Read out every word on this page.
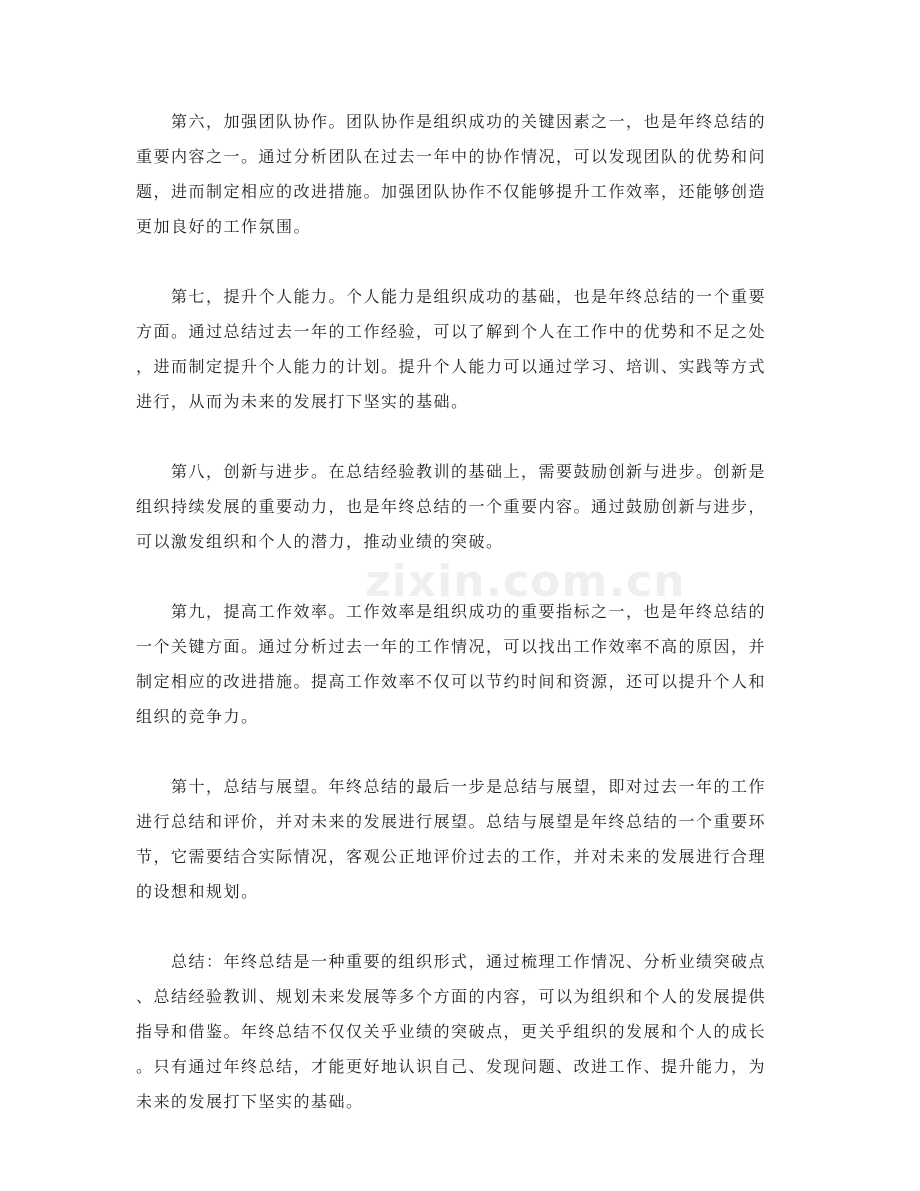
　　第六，加强团队协作。团队协作是组织成功的关键因素之一，也是年终总结的
重要内容之一。通过分析团队在过去一年中的协作情况，可以发现团队的优势和问
题，进而制定相应的改进措施。加强团队协作不仅能够提升工作效率，还能够创造
更加良好的工作氛围。

　　第七，提升个人能力。个人能力是组织成功的基础，也是年终总结的一个重要
方面。通过总结过去一年的工作经验，可以了解到个人在工作中的优势和不足之处
，进而制定提升个人能力的计划。提升个人能力可以通过学习、培训、实践等方式
进行，从而为未来的发展打下坚实的基础。

　　第八，创新与进步。在总结经验教训的基础上，需要鼓励创新与进步。创新是
组织持续发展的重要动力，也是年终总结的一个重要内容。通过鼓励创新与进步，
可以激发组织和个人的潜力，推动业绩的突破。

　　第九，提高工作效率。工作效率是组织成功的重要指标之一，也是年终总结的
一个关键方面。通过分析过去一年的工作情况，可以找出工作效率不高的原因，并
制定相应的改进措施。提高工作效率不仅可以节约时间和资源，还可以提升个人和
组织的竞争力。

　　第十，总结与展望。年终总结的最后一步是总结与展望，即对过去一年的工作
进行总结和评价，并对未来的发展进行展望。总结与展望是年终总结的一个重要环
节，它需要结合实际情况，客观公正地评价过去的工作，并对未来的发展进行合理
的设想和规划。

　　总结：年终总结是一种重要的组织形式，通过梳理工作情况、分析业绩突破点
、总结经验教训、规划未来发展等多个方面的内容，可以为组织和个人的发展提供
指导和借鉴。年终总结不仅仅关乎业绩的突破点，更关乎组织的发展和个人的成长
。只有通过年终总结，才能更好地认识自己、发现问题、改进工作、提升能力，为
未来的发展打下坚实的基础。

zixin.com.cn
